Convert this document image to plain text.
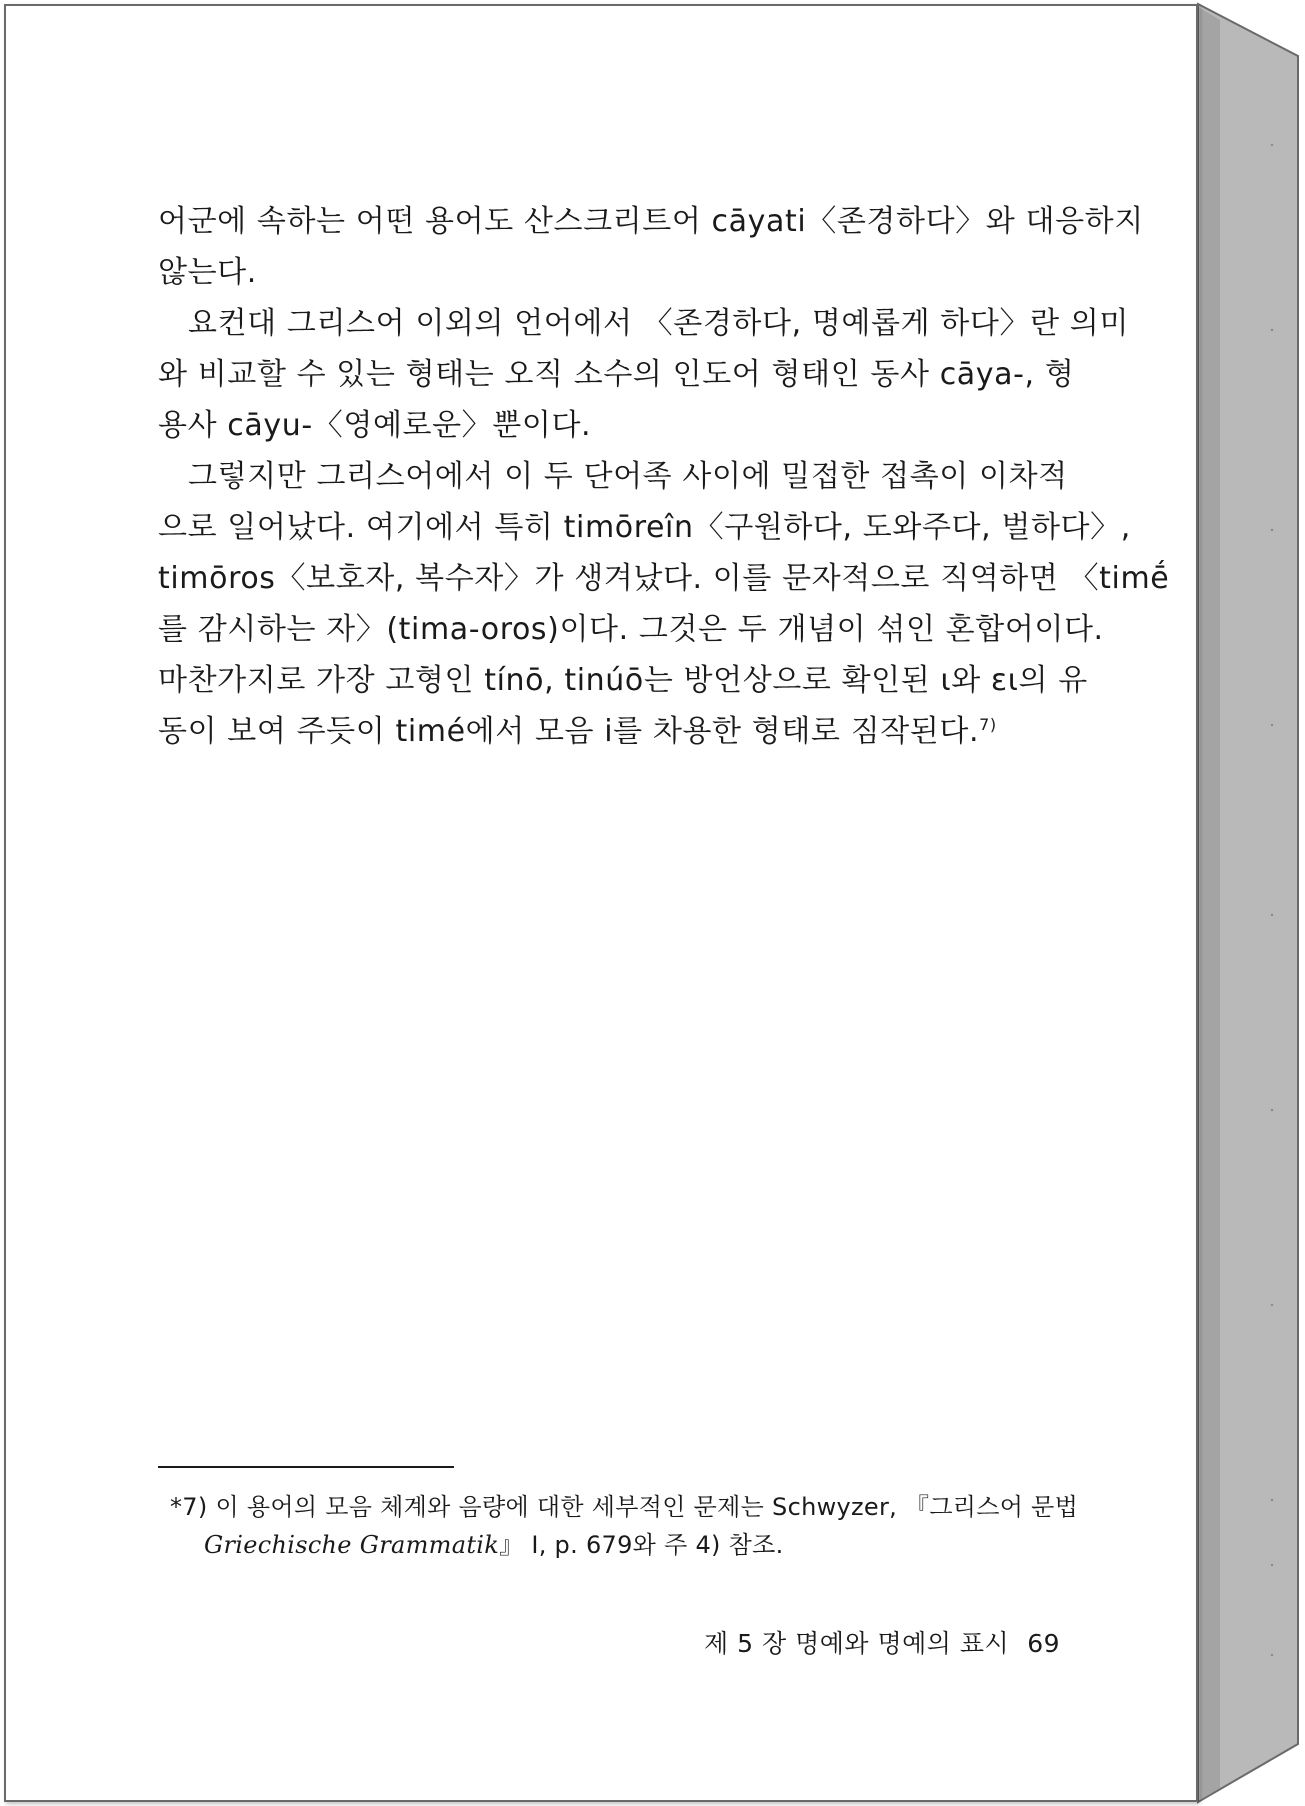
어군에 속하는 어떤 용어도 산스크리트어 cāyati〈존경하다〉와 대응하지
않는다.

요컨대 그리스어 이외의 언어에서 〈존경하다, 명예롭게 하다〉란 의미
와 비교할 수 있는 형태는 오직 소수의 인도어 형태인 동사 cāya-, 형
용사 cāyu-〈영예로운〉뿐이다.

그렇지만 그리스어에서 이 두 단어족 사이에 밀접한 접촉이 이차적
으로 일어났다. 여기에서 특히 timōreîn〈구원하다, 도와주다, 벌하다〉,
timōros〈보호자, 복수자〉가 생겨났다. 이를 문자적으로 직역하면 〈timḗ
를 감시하는 자〉(tima-oros)이다. 그것은 두 개념이 섞인 혼합어이다.
마찬가지로 가장 고형인 tínō, tinúō는 방언상으로 확인된 ι와 ει의 유
동이 보여 주듯이 timé에서 모음 i를 차용한 형태로 짐작된다.$^{7)}$

*7) 이 용어의 모음 체계와 음량에 대한 세부적인 문제는 Schwyzer, 『그리스어 문법
Griechische Grammatik』 I, p. 679와 주 4) 참조.
제 5 장 명예와 명예의 표시 69
